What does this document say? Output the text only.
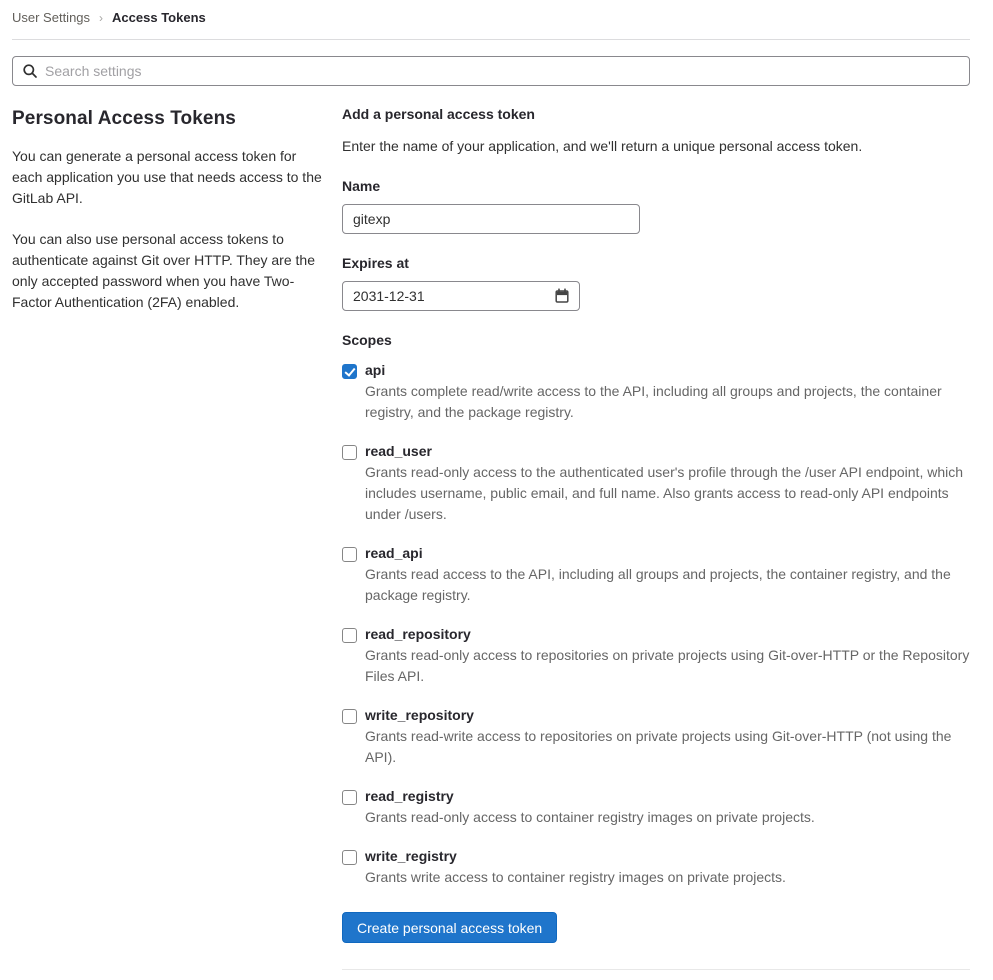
User Settings › Access Tokens
Search settings
Personal Access Tokens

You can generate a personal access token for each application you use that needs access to the GitLab API.

You can also use personal access tokens to authenticate against Git over HTTP. They are the only accepted password when you have Two-Factor Authentication (2FA) enabled.

Add a personal access token

Enter the name of your application, and we'll return a unique personal access token.

Name
gitexp
Expires at
2031-12-31
Scopes
api
Grants complete read/write access to the API, including all groups and projects, the container registry, and the package registry.
read_user
Grants read-only access to the authenticated user's profile through the /user API endpoint, which includes username, public email, and full name. Also grants access to read-only API endpoints under /users.
read_api
Grants read access to the API, including all groups and projects, the container registry, and the package registry.
read_repository
Grants read-only access to repositories on private projects using Git-over-HTTP or the Repository Files API.
write_repository
Grants read-write access to repositories on private projects using Git-over-HTTP (not using the API).
read_registry
Grants read-only access to container registry images on private projects.
write_registry
Grants write access to container registry images on private projects.
Create personal access token
